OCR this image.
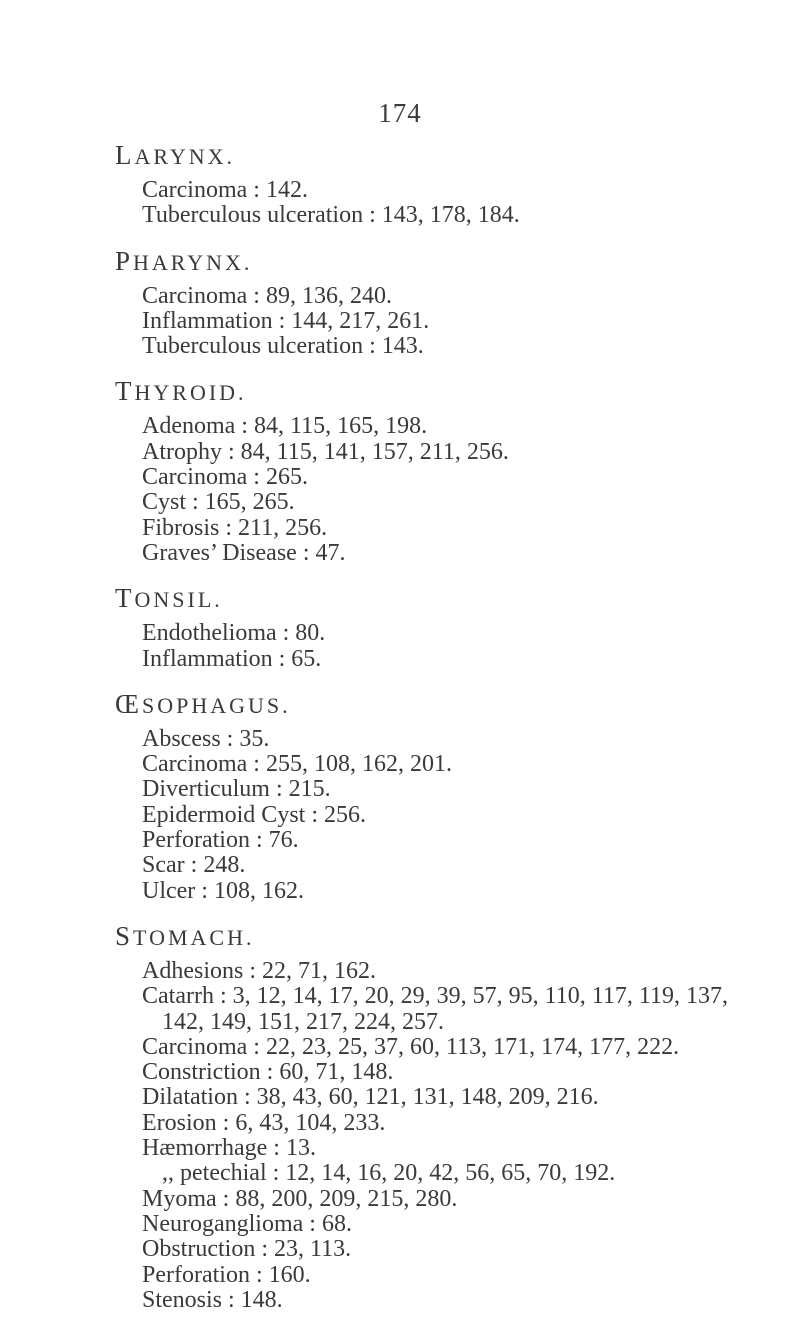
174
LARYNX.
Carcinoma : 142.
Tuberculous ulceration : 143, 178, 184.
PHARYNX.
Carcinoma : 89, 136, 240.
Inflammation : 144, 217, 261.
Tuberculous ulceration : 143.
THYROID.
Adenoma : 84, 115, 165, 198.
Atrophy : 84, 115, 141, 157, 211, 256.
Carcinoma : 265.
Cyst : 165, 265.
Fibrosis : 211, 256.
Graves’ Disease : 47.
TONSIL.
Endothelioma : 80.
Inflammation : 65.
ŒSOPHAGUS.
Abscess : 35.
Carcinoma : 255, 108, 162, 201.
Diverticulum : 215.
Epidermoid Cyst : 256.
Perforation : 76.
Scar : 248.
Ulcer : 108, 162.
STOMACH.
Adhesions : 22, 71, 162.
Catarrh : 3, 12, 14, 17, 20, 29, 39, 57, 95, 110, 117, 119, 137,
142, 149, 151, 217, 224, 257.
Carcinoma : 22, 23, 25, 37, 60, 113, 171, 174, 177, 222.
Constriction : 60, 71, 148.
Dilatation : 38, 43, 60, 121, 131, 148, 209, 216.
Erosion : 6, 43, 104, 233.
Hæmorrhage : 13.
,, petechial : 12, 14, 16, 20, 42, 56, 65, 70, 192.
Myoma : 88, 200, 209, 215, 280.
Neuroganglioma : 68.
Obstruction : 23, 113.
Perforation : 160.
Stenosis : 148.
